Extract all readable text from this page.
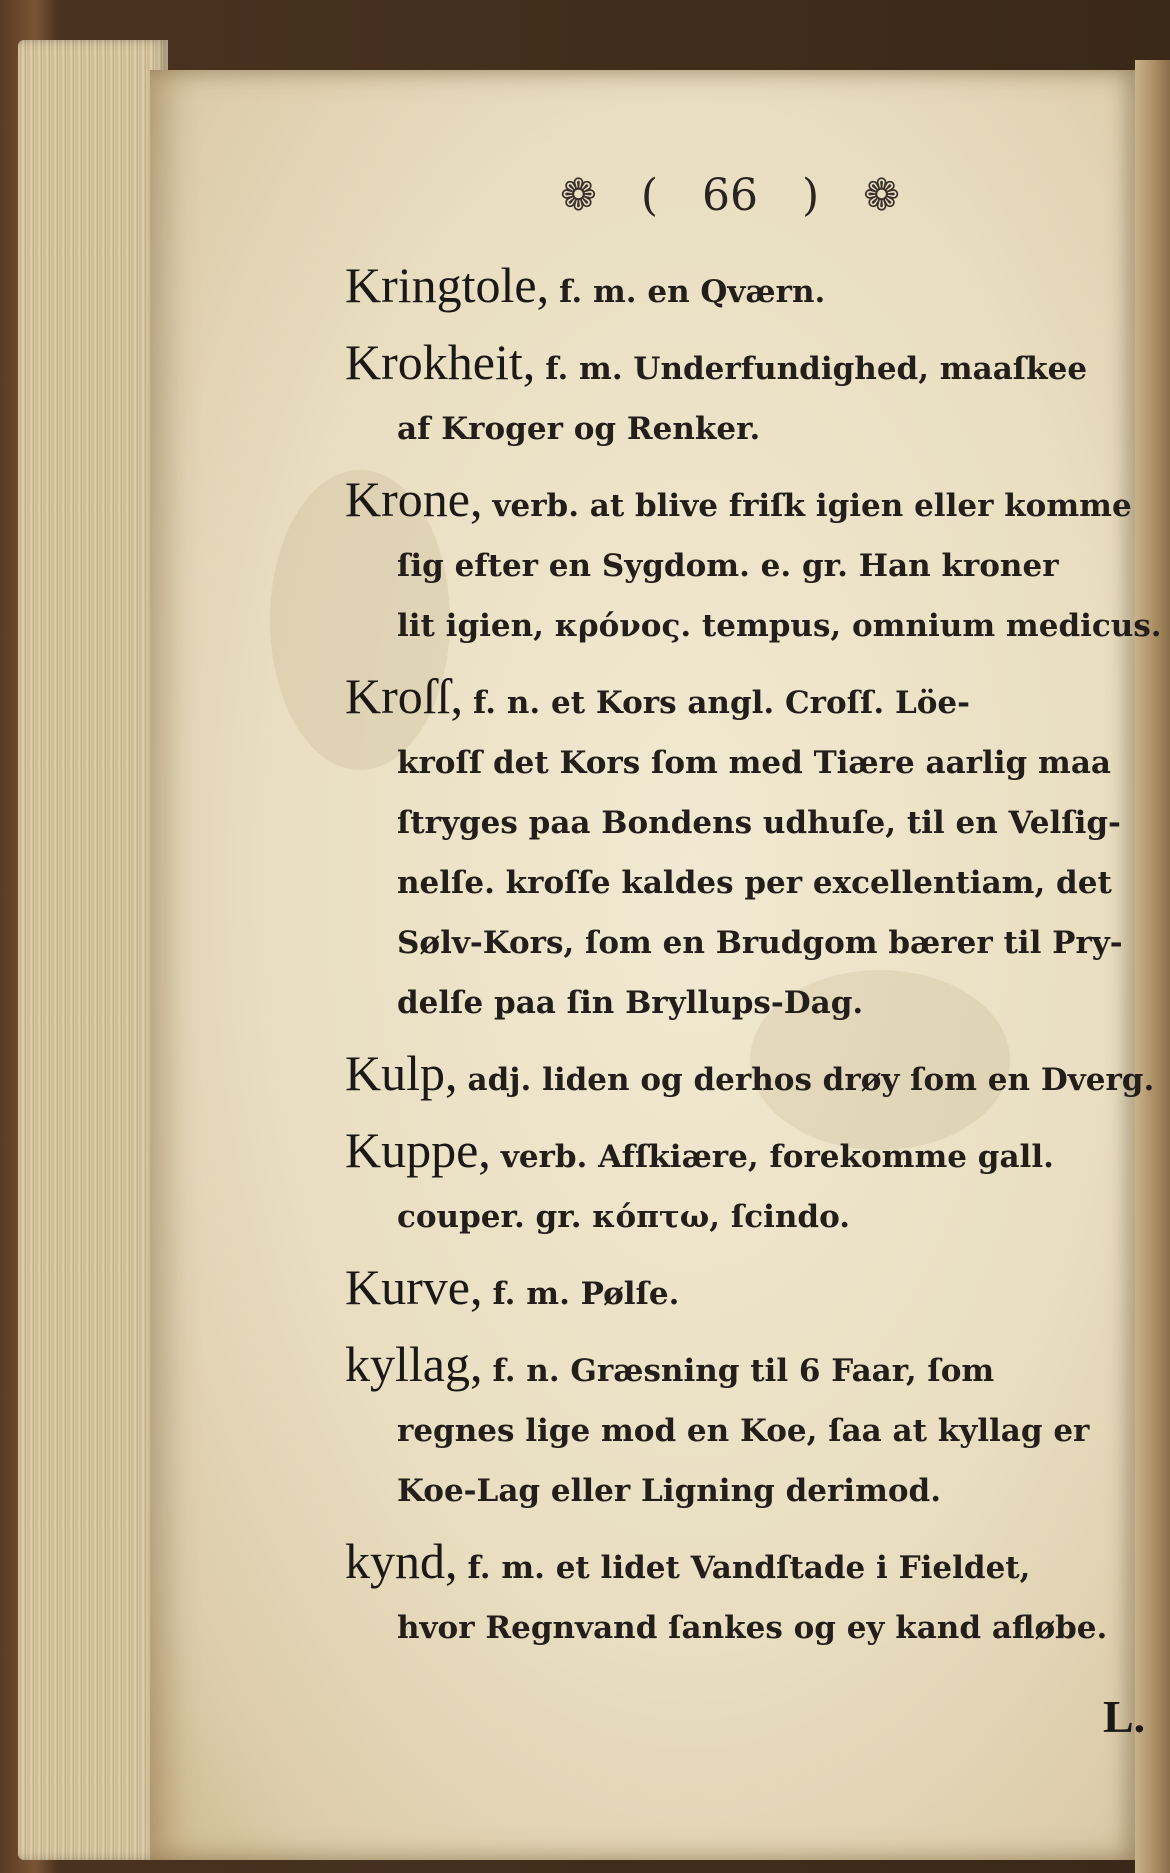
❁ ( 66 ) ❁
Kringtole, f. m. en Qværn.
Krokheit, f. m. Underfundighed, maaſkee
af Kroger og Renker.
Krone, verb. at blive friſk igien eller komme
ſig efter en Sygdom. e. gr. Han kroner
lit igien, κρόνος. tempus, omnium medicus.
Kroſſ, f. n. et Kors angl. Croſſ. Löe-
kroſſ det Kors ſom med Tiære aarlig maa
ſtryges paa Bondens udhuſe, til en Velſig-
nelſe. kroſſe kaldes per excellentiam, det
Sølv-Kors, ſom en Brudgom bærer til Pry-
delſe paa ſin Bryllups-Dag.
Kulp, adj. liden og derhos drøy ſom en Dverg.
Kuppe, verb. Afſkiære, forekomme gall.
couper. gr. κόπτω, ſcindo.
Kurve, f. m. Pølſe.
kyllag, f. n. Græsning til 6 Faar, ſom
regnes lige mod en Koe, ſaa at kyllag er
Koe-Lag eller Ligning derimod.
kynd, f. m. et lidet Vandſtade i Fieldet,
hvor Regnvand ſankes og ey kand afløbe.
L.
